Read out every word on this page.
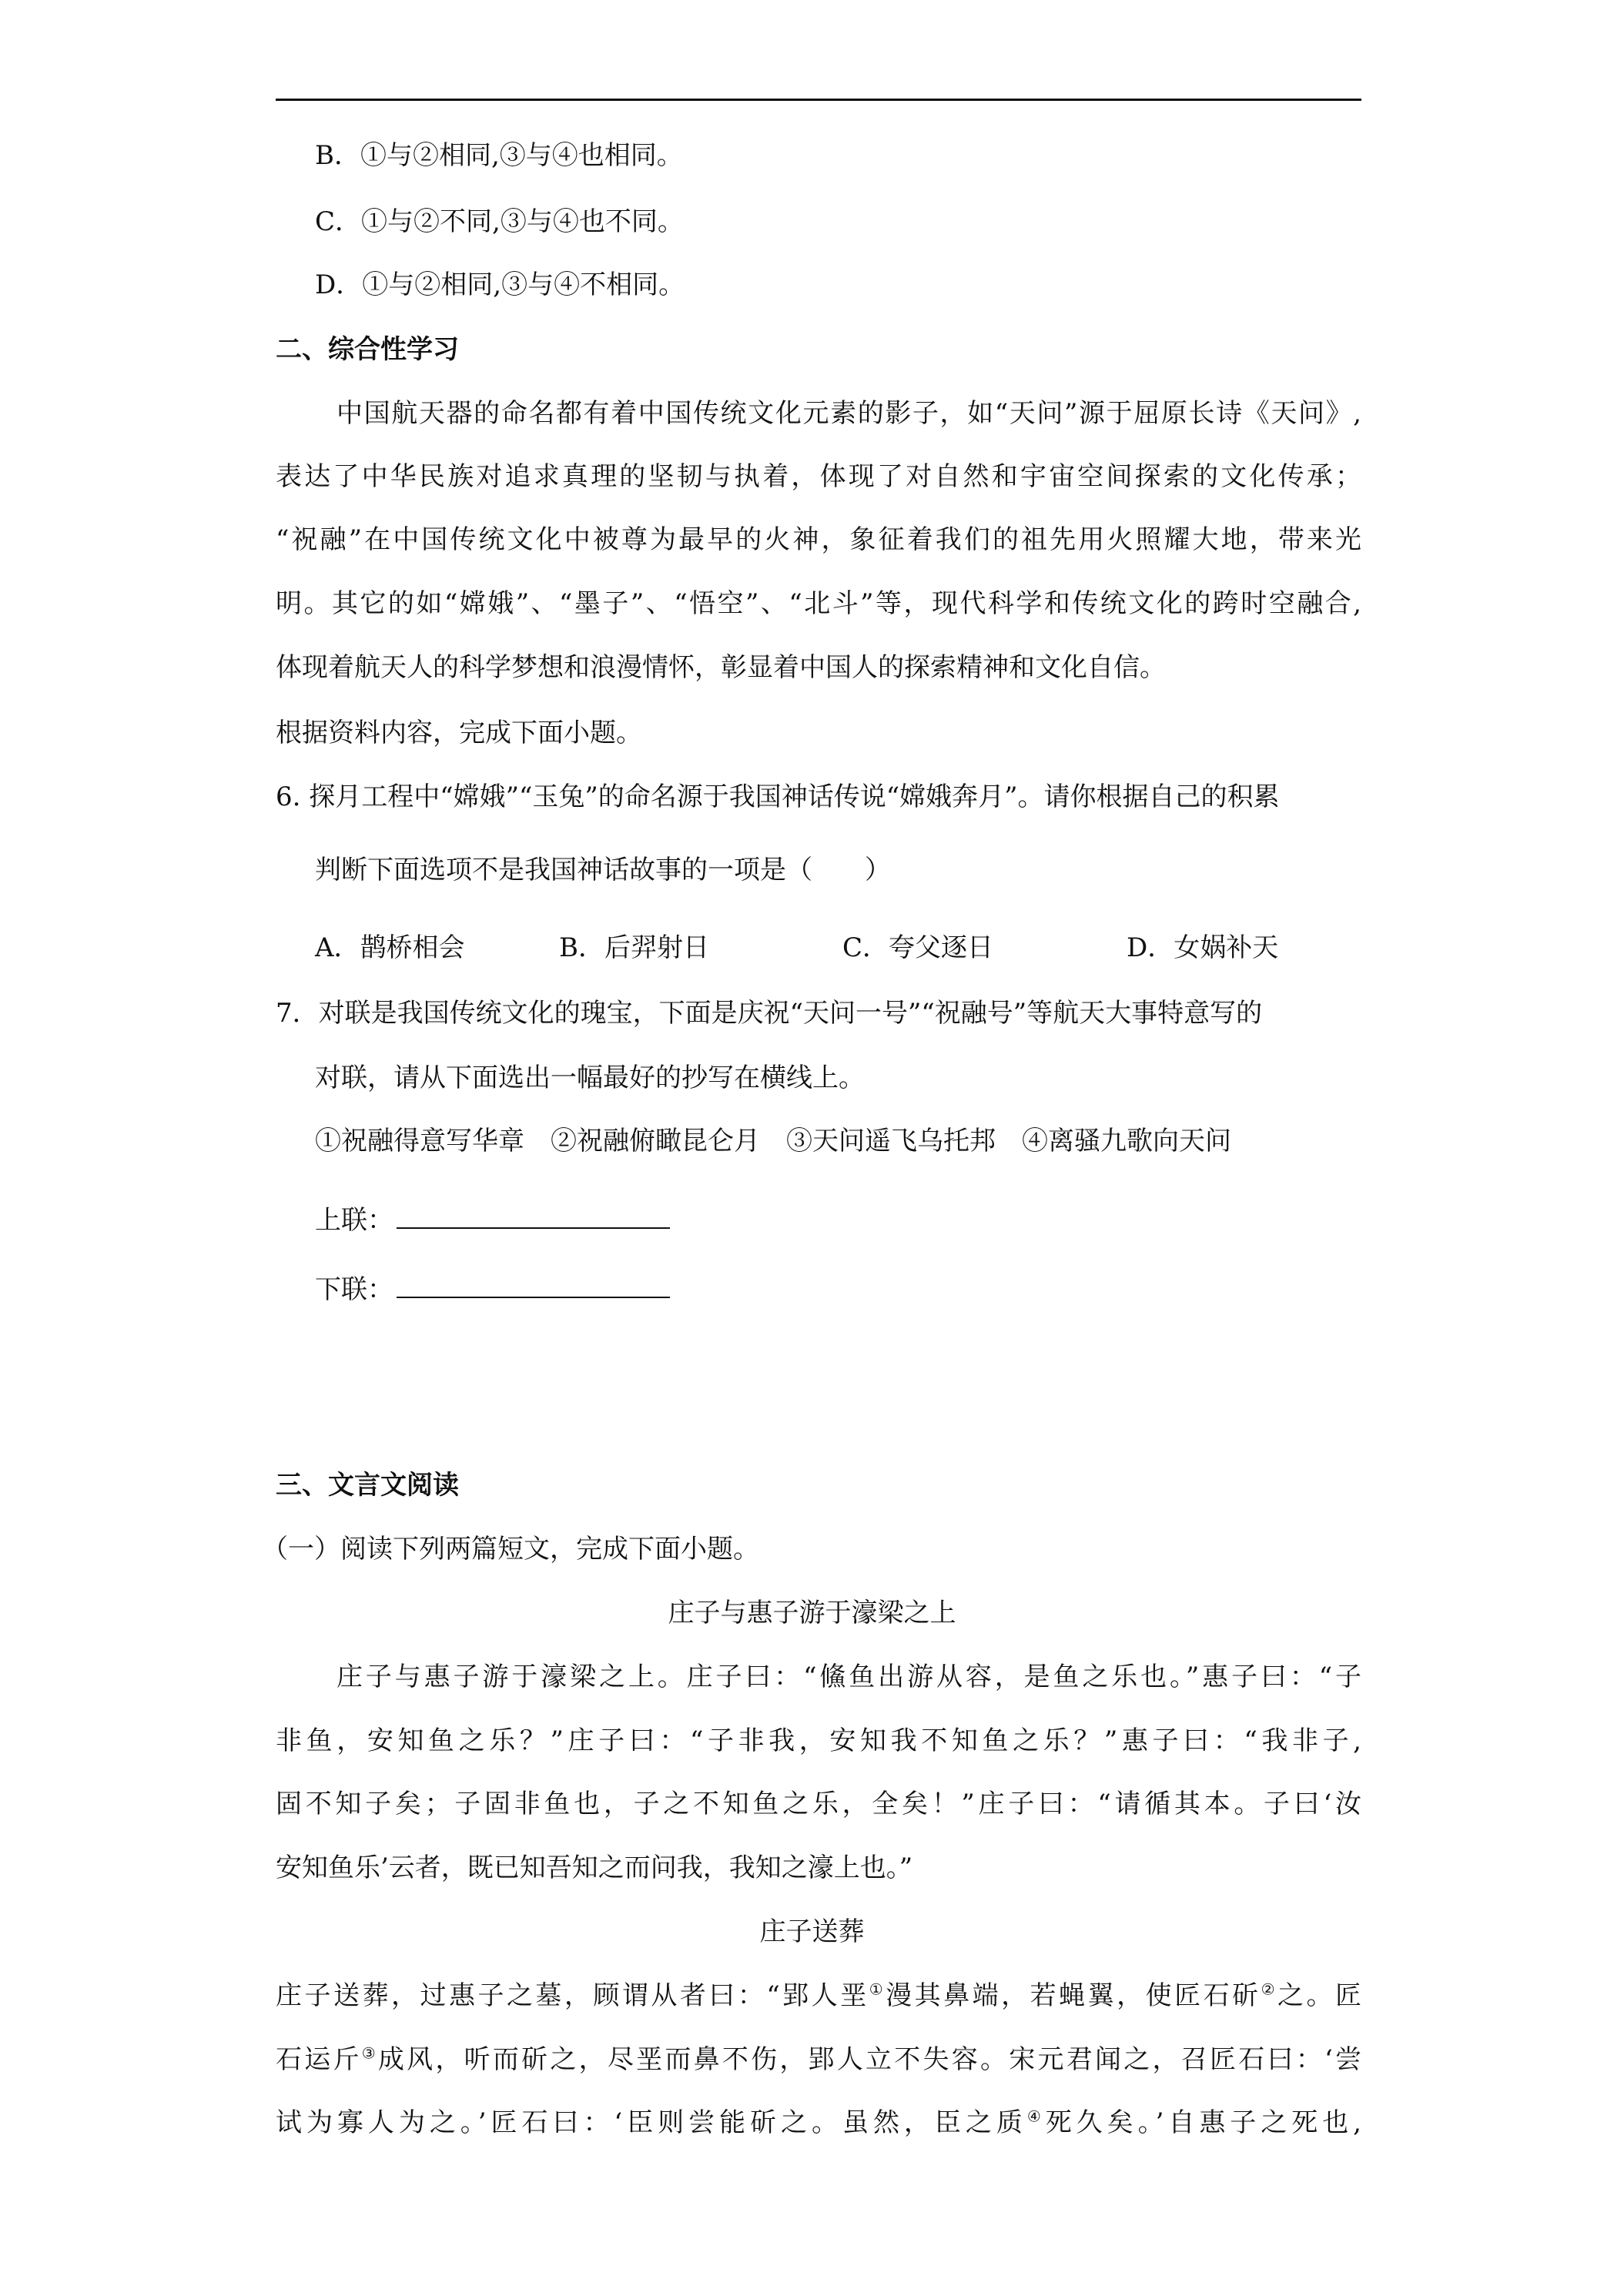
B．①与②相同,③与④也相同。
C．①与②不同,③与④也不同。
D．①与②相同,③与④不相同。
二、综合性学习
中国航天器的命名都有着中国传统文化元素的影子，如“天问”源于屈原长诗《天问》,
表达了中华民族对追求真理的坚韧与执着，体现了对自然和宇宙空间探索的文化传承；
“祝融”在中国传统文化中被尊为最早的火神，象征着我们的祖先用火照耀大地，带来光
明。其它的如“嫦娥”、“墨子”、“悟空”、“北斗”等，现代科学和传统文化的跨时空融合,
体现着航天人的科学梦想和浪漫情怀，彰显着中国人的探索精神和文化自信。
根据资料内容，完成下面小题。
6. 探月工程中“嫦娥”“玉兔”的命名源于我国神话传说“嫦娥奔月”。请你根据自己的积累
判断下面选项不是我国神话故事的一项是（　　）
A．鹊桥相会	B．后羿射日	C．夸父逐日	D．女娲补天
7．对联是我国传统文化的瑰宝，下面是庆祝“天问一号”“祝融号”等航天大事特意写的
对联，请从下面选出一幅最好的抄写在横线上。
①祝融得意写华章　②祝融俯瞰昆仑月　③天问遥飞乌托邦　④离骚九歌向天问
上联：
下联：
三、文言文阅读
（一）阅读下列两篇短文，完成下面小题。
庄子与惠子游于濠梁之上
庄子与惠子游于濠梁之上。庄子曰：“鯈鱼出游从容，是鱼之乐也。”惠子曰：“子
非鱼，安知鱼之乐？”庄子曰：“子非我，安知我不知鱼之乐？”惠子曰：“我非子,
固不知子矣；子固非鱼也，子之不知鱼之乐，全矣！”庄子曰：“请循其本。子曰‘汝
安知鱼乐’云者，既已知吾知之而问我，我知之濠上也。”
庄子送葬
庄子送葬，过惠子之墓，顾谓从者曰：“郢人垩①漫其鼻端，若蝇翼，使匠石斫②之。匠
石运斤③成风，听而斫之，尽垩而鼻不伤，郢人立不失容。宋元君闻之，召匠石曰：‘尝
试为寡人为之。’匠石曰：‘臣则尝能斫之。虽然，臣之质④死久矣。’自惠子之死也,
